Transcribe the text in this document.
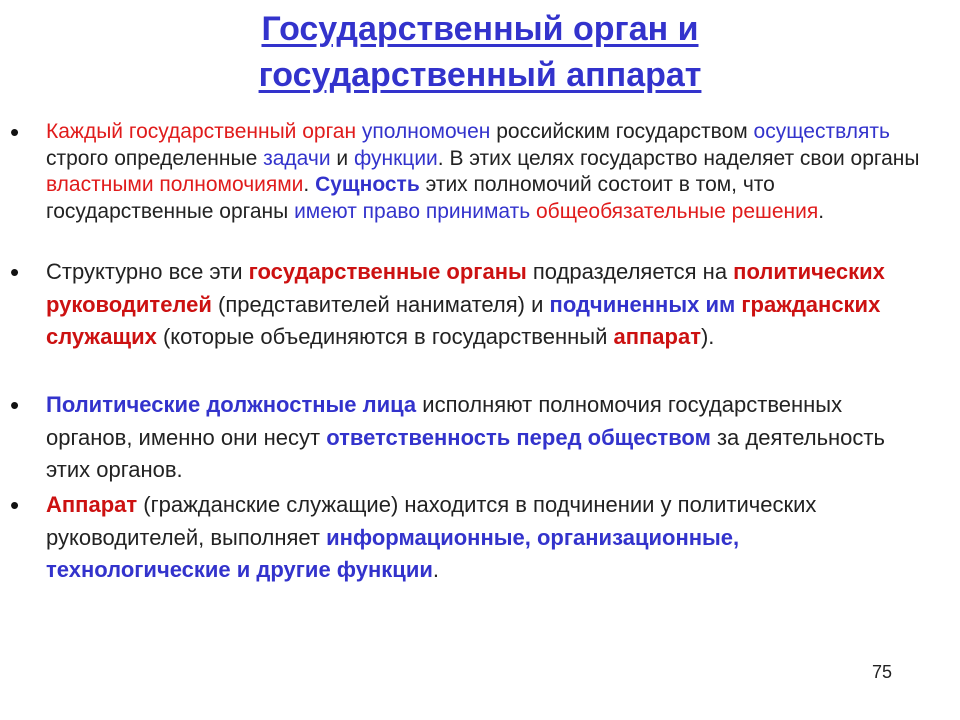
Государственный орган и
государственный аппарат
• Каждый государственный орган уполномочен российским государством осуществлять строго определенные задачи и функции. В этих целях государство наделяет свои органы властными полномочиями. Сущность этих полномочий состоит в том, что государственные органы имеют право принимать общеобязательные решения.
• Структурно все эти государственные органы подразделяется на политических руководителей (представителей нанимателя) и подчиненных им гражданских служащих (которые объединяются в государственный аппарат).
• Политические должностные лица исполняют полномочия государственных органов, именно они несут ответственность перед обществом за деятельность этих органов.
• Аппарат (гражданские служащие) находится в подчинении у политических руководителей, выполняет информационные, организационные, технологические и другие функции.
75
